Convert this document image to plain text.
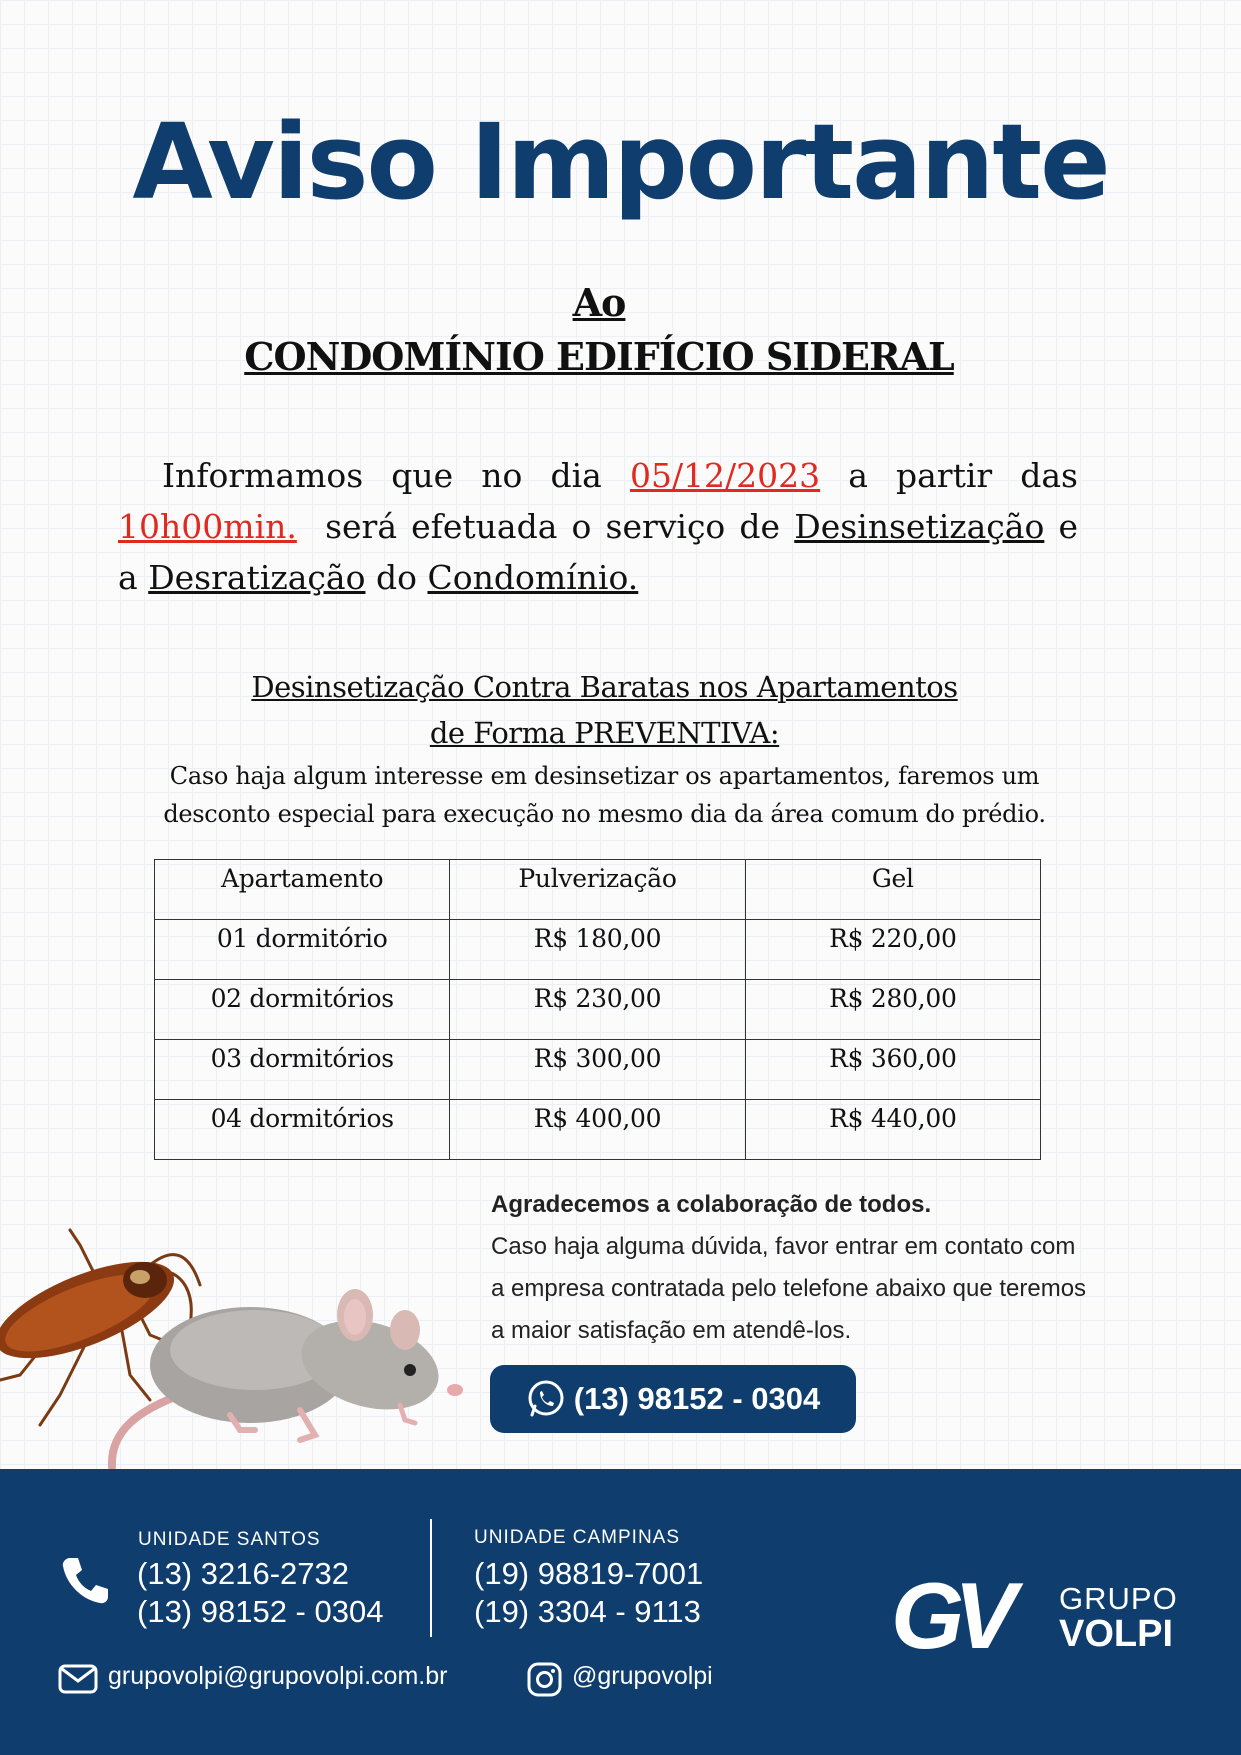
Aviso Importante
Ao
CONDOMÍNIO EDIFÍCIO SIDERAL
Informamos que no dia 05/12/2023 a partir das 10h00min. será efetuada o serviço de Desinsetização e a Desratização do Condomínio.
Desinsetização Contra Baratas nos Apartamentos
de Forma PREVENTIVA:
Caso haja algum interesse em desinsetizar os apartamentos, faremos um
desconto especial para execução no mesmo dia da área comum do prédio.
Apartamento	Pulverização	Gel
01 dormitório	R$ 180,00	R$ 220,00
02 dormitórios	R$ 230,00	R$ 280,00
03 dormitórios	R$ 300,00	R$ 360,00
04 dormitórios	R$ 400,00	R$ 440,00
Agradecemos a colaboração de todos.
Caso haja alguma dúvida, favor entrar em contato com
a empresa contratada pelo telefone abaixo que teremos
a maior satisfação em atendê-los.
(13) 98152 - 0304
UNIDADE SANTOS
(13) 3216-2732
(13) 98152 - 0304
UNIDADE CAMPINAS
(19) 98819-7001
(19) 3304 - 9113
grupovolpi@grupovolpi.com.br	@grupovolpi
GV GRUPO
VOLPI
